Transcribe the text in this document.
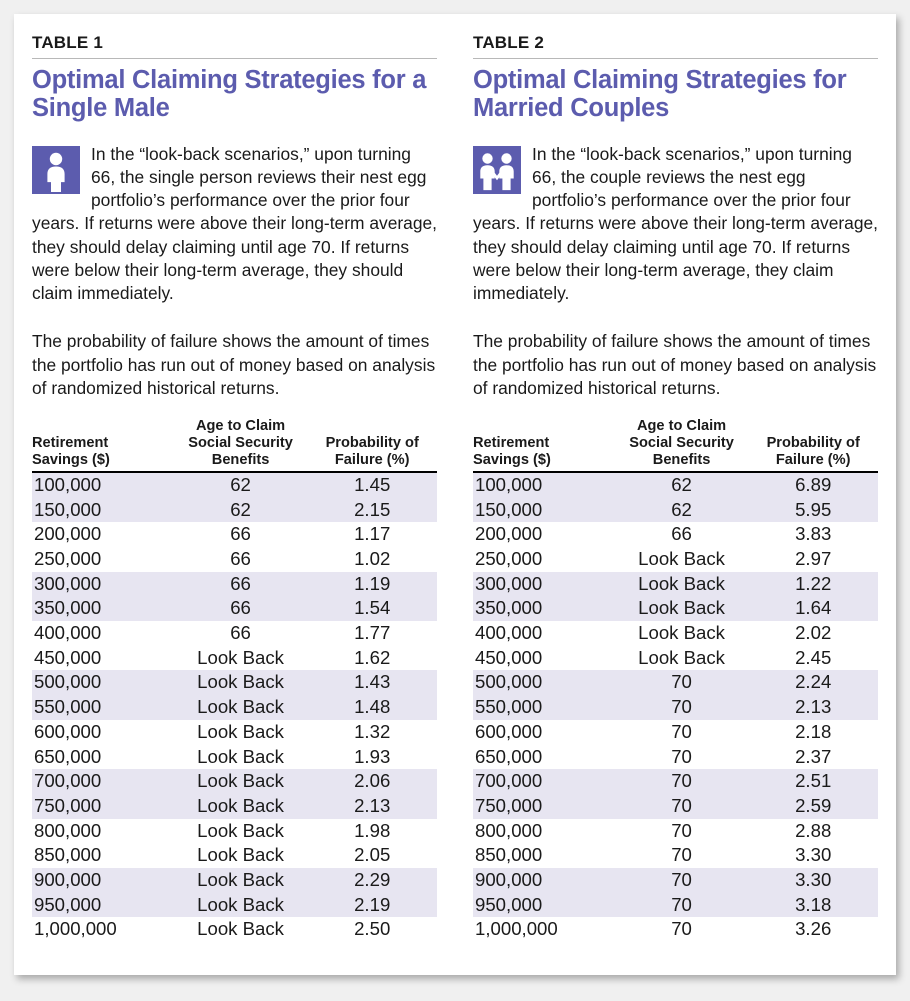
TABLE 1
Optimal Claiming Strategies for a Single Male

In the “look-back scenarios,” upon turning 66, the single person reviews their nest egg portfolio’s performance over the prior four years. If returns were above their long-term average, they should delay claiming until age 70. If returns were below their long-term average, they should claim immediately.

The probability of failure shows the amount of times the portfolio has run out of money based on analysis of randomized historical returns.

Retirement
Savings ($)	Age to Claim
Social Security
Benefits	Probability of
Failure (%)

100,000	62	1.45
150,000	62	2.15
200,000	66	1.17
250,000	66	1.02
300,000	66	1.19
350,000	66	1.54
400,000	66	1.77
450,000	Look Back	1.62
500,000	Look Back	1.43
550,000	Look Back	1.48
600,000	Look Back	1.32
650,000	Look Back	1.93
700,000	Look Back	2.06
750,000	Look Back	2.13
800,000	Look Back	1.98
850,000	Look Back	2.05
900,000	Look Back	2.29
950,000	Look Back	2.19
1,000,000	Look Back	2.50
TABLE 2
Optimal Claiming Strategies for Married Couples

In the “look-back scenarios,” upon turning 66, the couple reviews the nest egg portfolio’s performance over the prior four years. If returns were above their long-term average, they should delay claiming until age 70. If returns were below their long-term average, they claim immediately.

The probability of failure shows the amount of times the portfolio has run out of money based on analysis of randomized historical returns.

Retirement
Savings ($)	Age to Claim
Social Security
Benefits	Probability of
Failure (%)

100,000	62	6.89
150,000	62	5.95
200,000	66	3.83
250,000	Look Back	2.97
300,000	Look Back	1.22
350,000	Look Back	1.64
400,000	Look Back	2.02
450,000	Look Back	2.45
500,000	70	2.24
550,000	70	2.13
600,000	70	2.18
650,000	70	2.37
700,000	70	2.51
750,000	70	2.59
800,000	70	2.88
850,000	70	3.30
900,000	70	3.30
950,000	70	3.18
1,000,000	70	3.26
